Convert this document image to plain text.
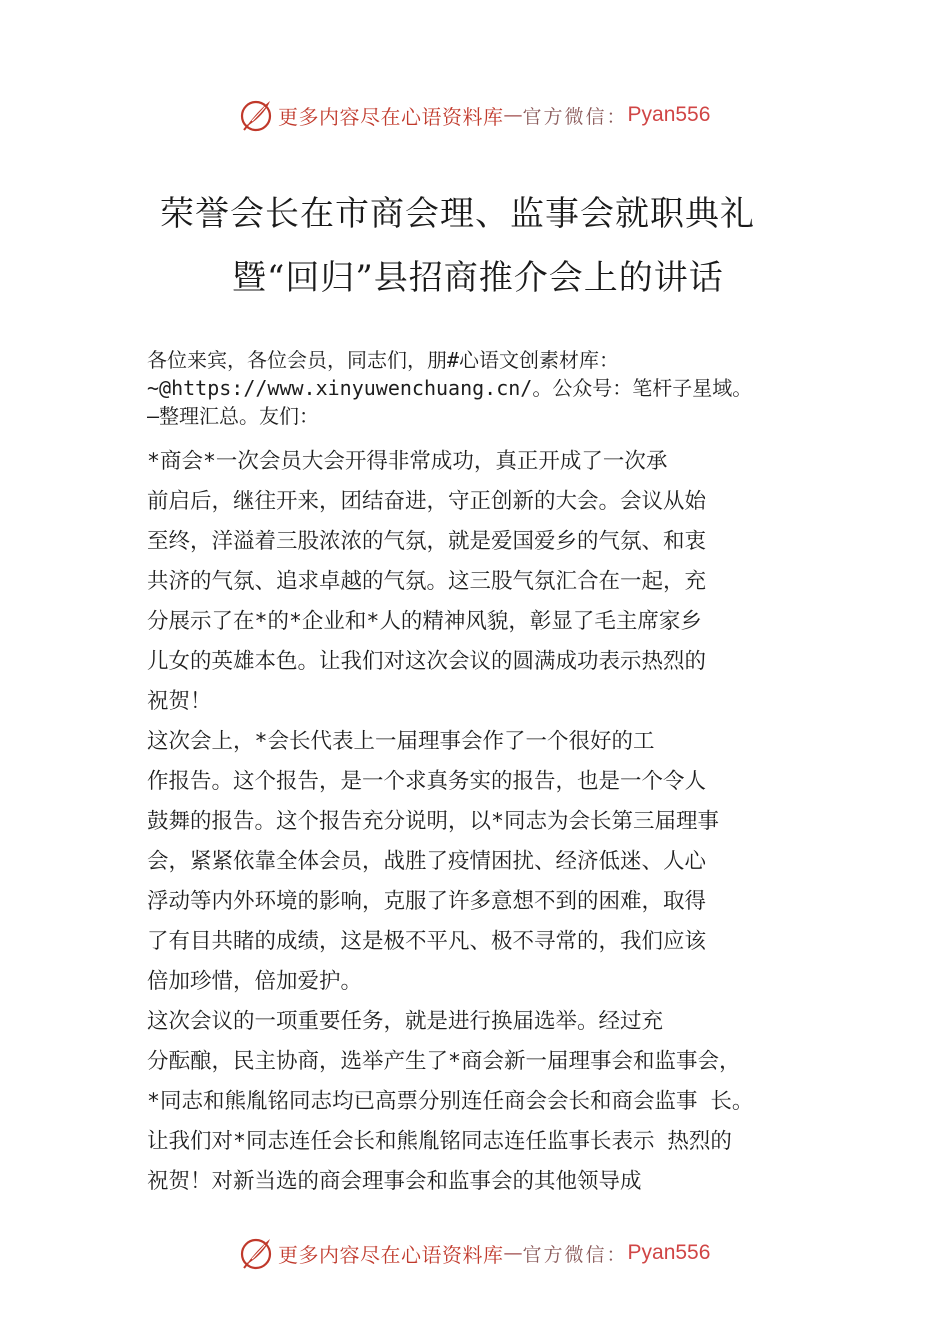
更多内容尽在心语资料库 — 官方微信： Pyan556
荣誉会长在市商会理、监事会就职典礼
暨“回归”县招商推介会上的讲话
各位来宾，各位会员，同志们，朋#心语文创素材库：
~@https://www.xinyuwenchuang.cn/。公众号：笔杆子星域。
—整理汇总。友们：
*商会*一次会员大会开得非常成功，真正开成了一次承
前启后，继往开来，团结奋进，守正创新的大会。会议从始
至终，洋溢着三股浓浓的气氛，就是爱国爱乡的气氛、和衷
共济的气氛、追求卓越的气氛。这三股气氛汇合在一起，充
分展示了在*的*企业和*人的精神风貌，彰显了毛主席家乡
儿女的英雄本色。让我们对这次会议的圆满成功表示热烈的
祝贺！
这次会上，*会长代表上一届理事会作了一个很好的工
作报告。这个报告，是一个求真务实的报告，也是一个令人
鼓舞的报告。这个报告充分说明，以*同志为会长第三届理事
会，紧紧依靠全体会员，战胜了疫情困扰、经济低迷、人心
浮动等内外环境的影响，克服了许多意想不到的困难，取得
了有目共睹的成绩，这是极不平凡、极不寻常的，我们应该
倍加珍惜，倍加爱护。
这次会议的一项重要任务，就是进行换届选举。经过充
分酝酿，民主协商，选举产生了*商会新一届理事会和监事会，
*同志和熊胤铭同志均已高票分别连任商会会长和商会监事 长。
让我们对*同志连任会长和熊胤铭同志连任监事长表示 热烈的
祝贺！对新当选的商会理事会和监事会的其他领导成
更多内容尽在心语资料库 — 官方微信： Pyan556
